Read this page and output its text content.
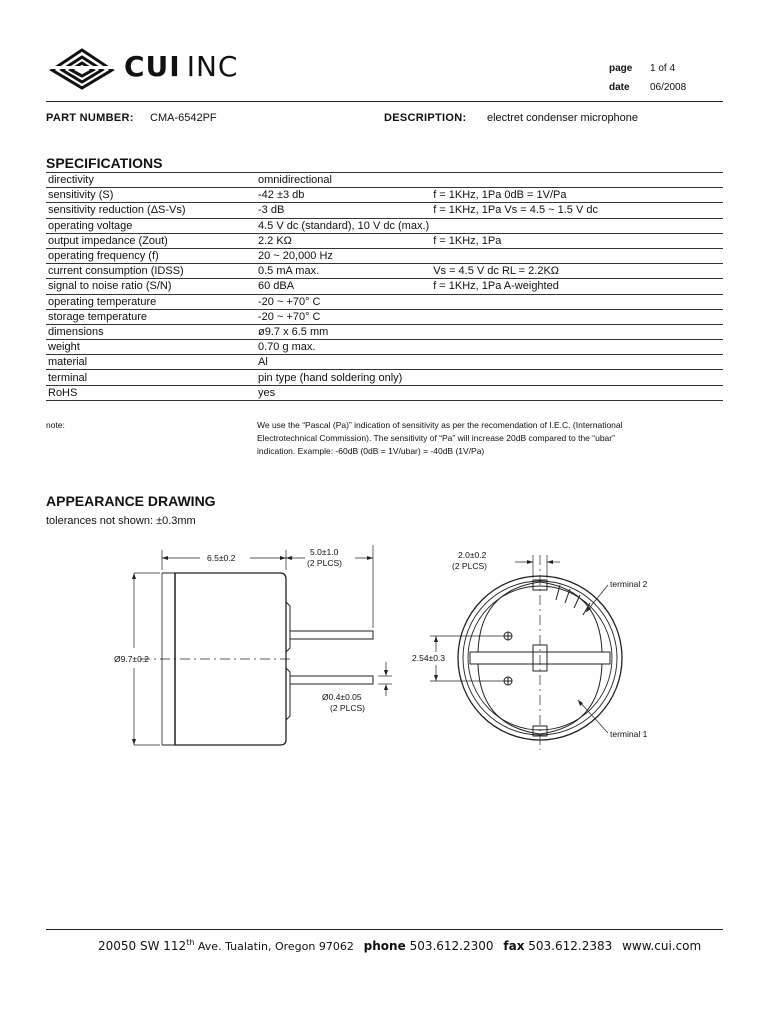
CUI INC	page 1 of 4
date 06/2008
PART NUMBER: CMA-6542PF	DESCRIPTION: electret condenser microphone
SPECIFICATIONS
directivity	omnidirectional	
sensitivity (S)	-42 ±3 db	f = 1KHz, 1Pa 0dB = 1V/Pa
sensitivity reduction (ΔS-Vs)	-3 dB	f = 1KHz, 1Pa Vs = 4.5 ~ 1.5 V dc
operating voltage	4.5 V dc (standard), 10 V dc (max.)	
output impedance (Zout)	2.2 KΩ	f = 1KHz, 1Pa
operating frequency (f)	20 ~ 20,000 Hz	
current consumption (IDSS)	0.5 mA max.	Vs = 4.5 V dc RL = 2.2KΩ
signal to noise ratio (S/N)	60 dBA	f = 1KHz, 1Pa A-weighted
operating temperature	-20 ~ +70° C	
storage temperature	-20 ~ +70° C	
dimensions	ø9.7 x 6.5 mm	
weight	0.70 g max.	
material	Al	
terminal	pin type (hand soldering only)	
RoHS	yes	
note:	We use the “Pascal (Pa)” indication of sensitivity as per the recomendation of I.E.C. (International
Electrotechnical Commission). The sensitivity of “Pa” will increase 20dB compared to the “ubar”
indication. Example: -60dB (0dB = 1V/ubar) = -40dB (1V/Pa)
APPEARANCE DRAWING
tolerances not shown: ±0.3mm
6.5±0.2
5.0±1.0
(2 PLCS)
Ø9.7±0.2
Ø0.4±0.05
(2 PLCS)
2.0±0.2
(2 PLCS)
2.54±0.3
terminal 2
terminal 1
20050 SW 112th Ave. Tualatin, Oregon 97062 phone 503.612.2300 fax 503.612.2383 www.cui.com
